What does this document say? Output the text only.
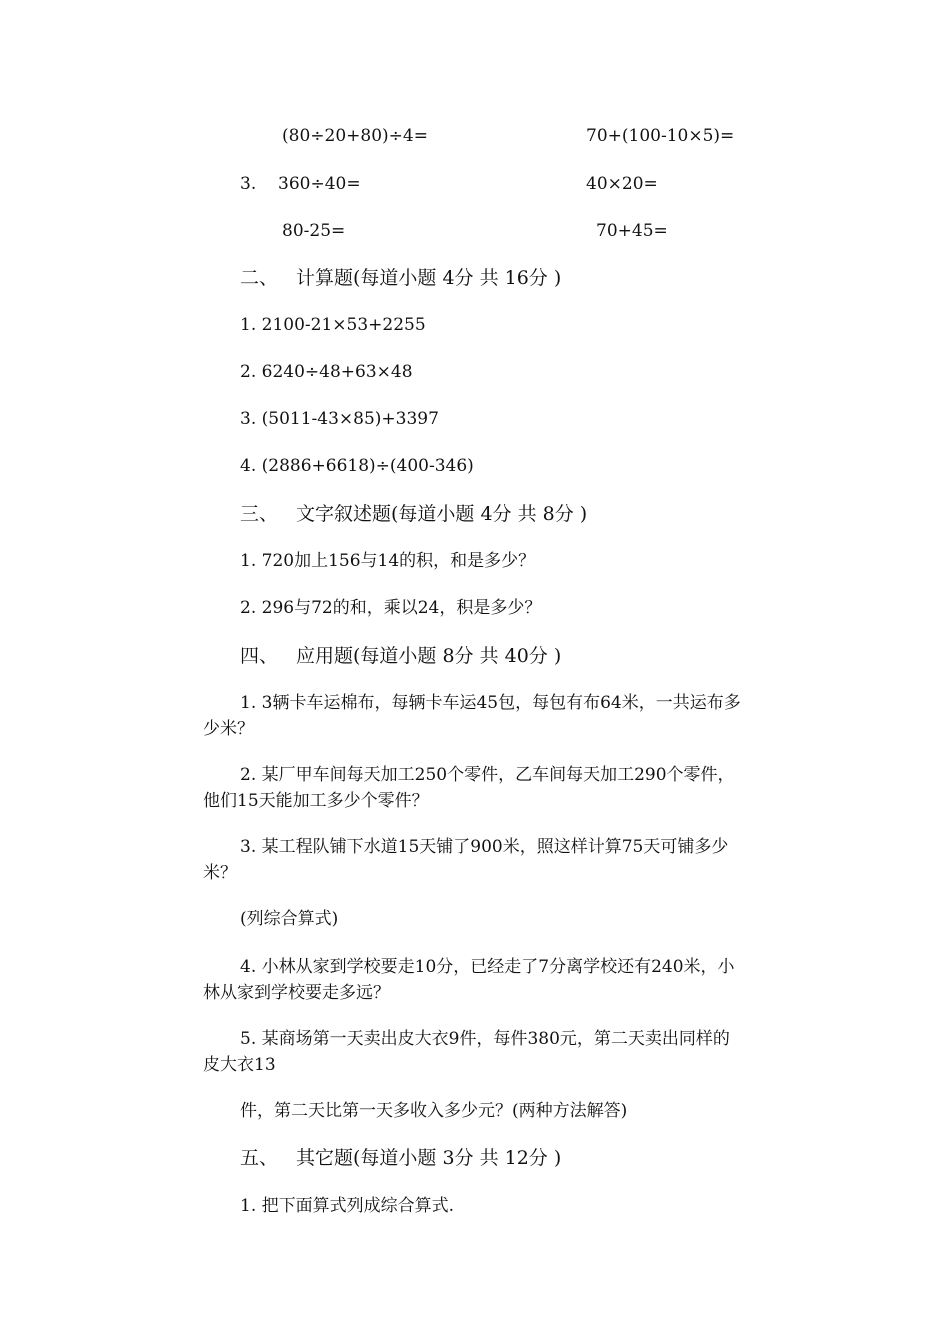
(80÷20+80)÷4=	70+(100-10×5)=
3. 360÷40=	40×20=
80-25=	70+45=
二、 计算题(每道小题 4分 共 16分 )
1. 2100-21×53+2255
2. 6240÷48+63×48
3. (5011-43×85)+3397
4. (2886+6618)÷(400-346)
三、 文字叙述题(每道小题 4分 共 8分 )
1. 720加上156与14的积，和是多少？
2. 296与72的和，乘以24，积是多少？
四、 应用题(每道小题 8分 共 40分 )
1. 3辆卡车运棉布，每辆卡车运45包，每包有布64米，一共运布多
少米？
2. 某厂甲车间每天加工250个零件，乙车间每天加工290个零件，
他们15天能加工多少个零件？
3. 某工程队铺下水道15天铺了900米，照这样计算75天可铺多少
米？
(列综合算式)
4. 小林从家到学校要走10分，已经走了7分离学校还有240米，小
林从家到学校要走多远？
5. 某商场第一天卖出皮大衣9件，每件380元，第二天卖出同样的
皮大衣13
件，第二天比第一天多收入多少元？(两种方法解答)
五、 其它题(每道小题 3分 共 12分 )
1. 把下面算式列成综合算式.
